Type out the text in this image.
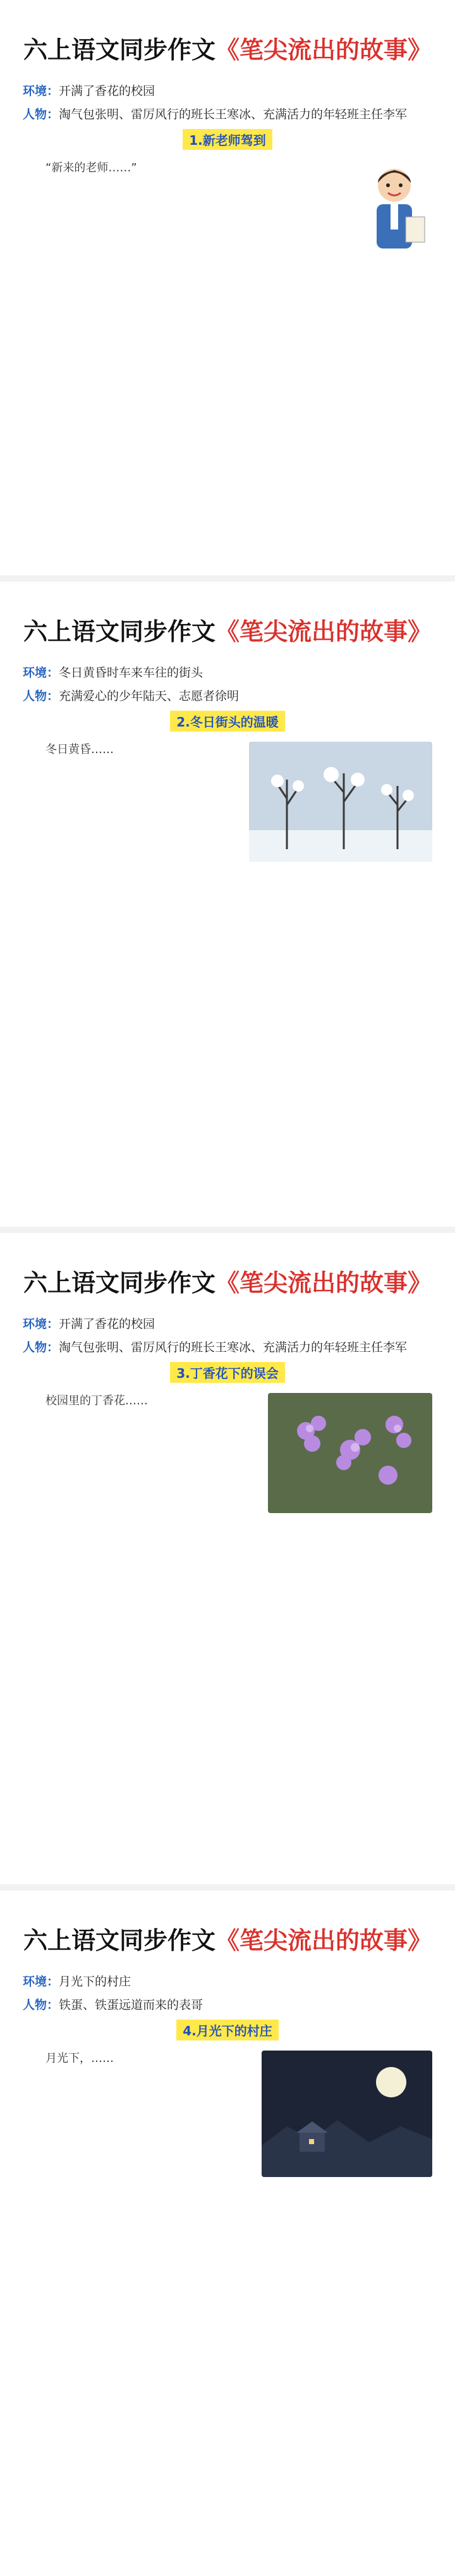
六上语文同步作文《笔尖流出的故事》
环境：开满了香花的校园
人物：淘气包张明、雷厉风行的班长王寒冰、充满活力的年轻班主任李军
1.新老师驾到

“新来的老师……”

六上语文同步作文《笔尖流出的故事》
环境：冬日黄昏时车来车往的街头
人物：充满爱心的少年陆天、志愿者徐明
2.冬日街头的温暖

冬日黄昏……

六上语文同步作文《笔尖流出的故事》
环境：开满了香花的校园
人物：淘气包张明、雷厉风行的班长王寒冰、充满活力的年轻班主任李军
3.丁香花下的误会

校园里的丁香花……

六上语文同步作文《笔尖流出的故事》
环境：月光下的村庄
人物：铁蛋、铁蛋远道而来的表哥
4.月光下的村庄

月光下，……
